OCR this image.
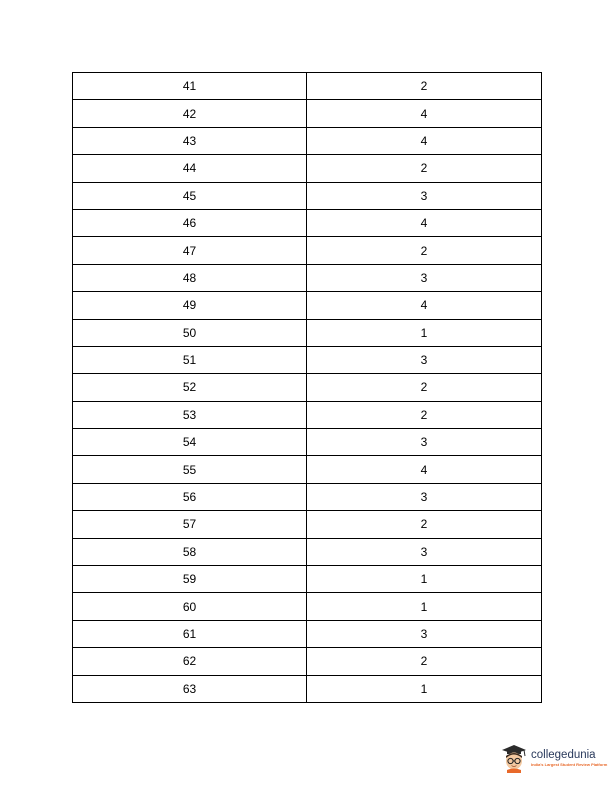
41	2
42	4
43	4
44	2
45	3
46	4
47	2
48	3
49	4
50	1
51	3
52	2
53	2
54	3
55	4
56	3
57	2
58	3
59	1
60	1
61	3
62	2
63	1
collegedunia
India's Largest Student Review Platform
